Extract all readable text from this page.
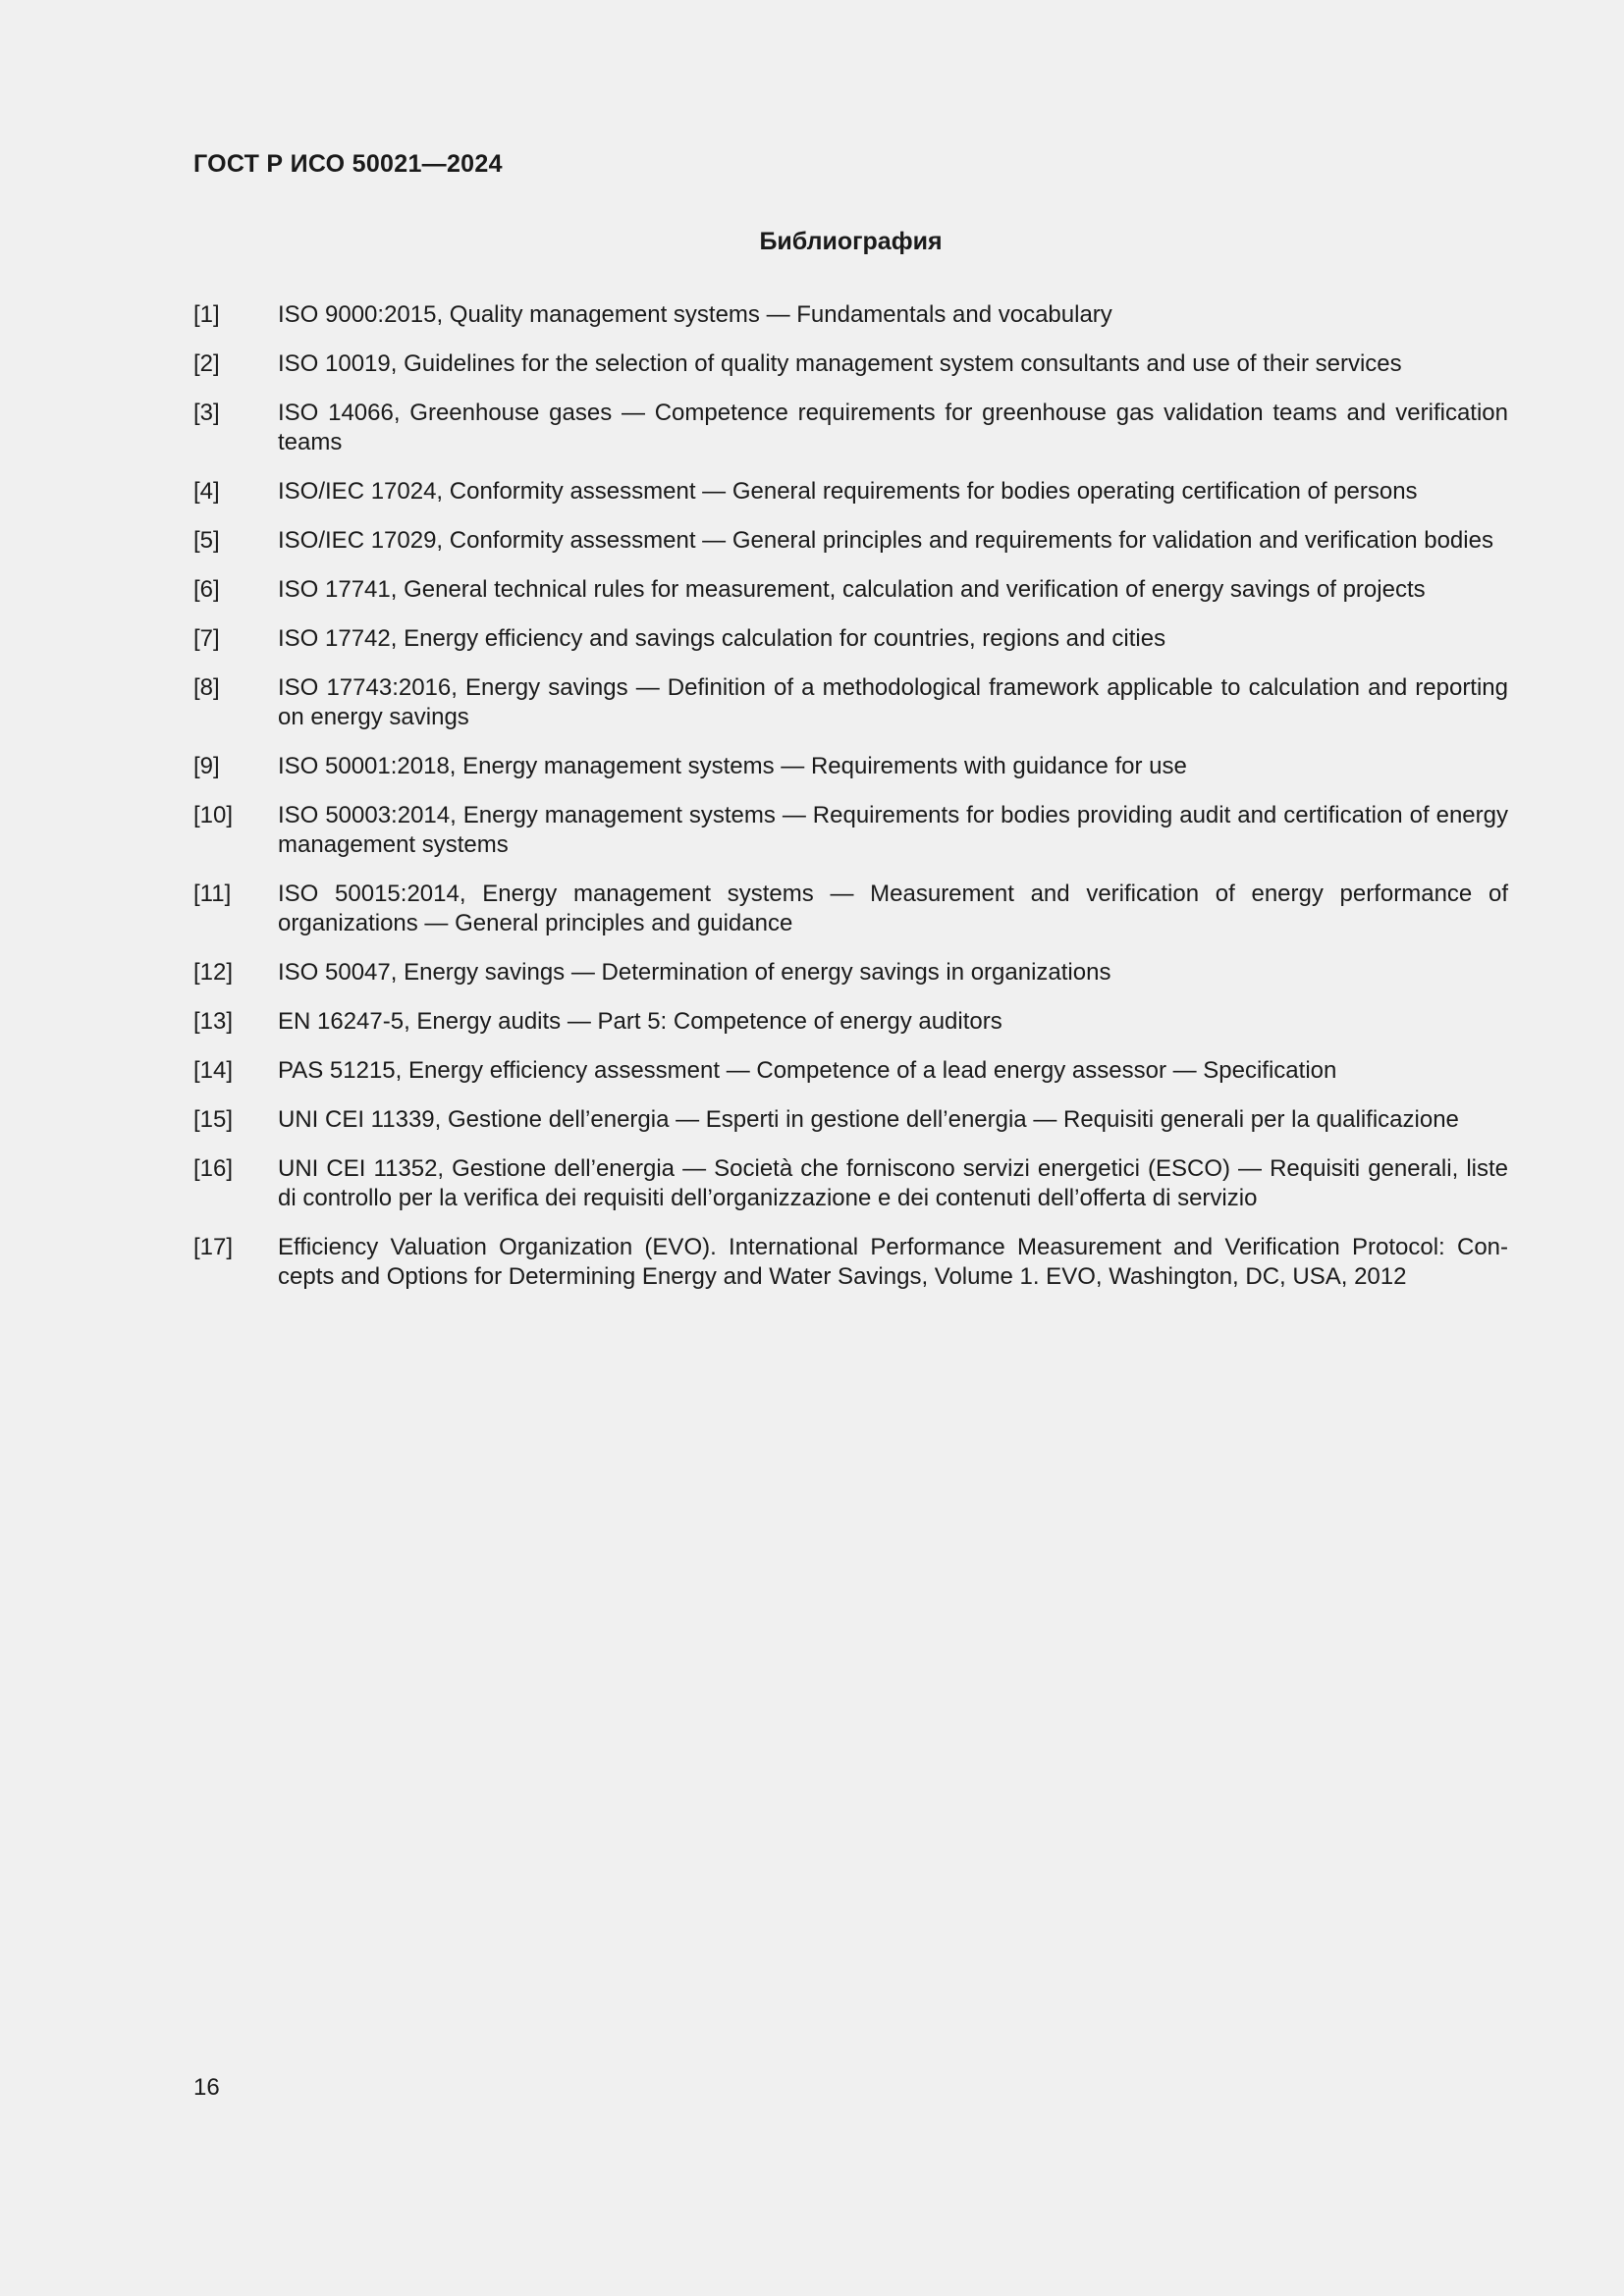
ГОСТ Р ИСО 50021—2024
Библиография
[1]	ISO 9000:2015, Quality management systems — Fundamentals and vocabulary
[2]	ISO 10019, Guidelines for the selection of quality management system consultants and use of their services
[3]	ISO 14066, Greenhouse gases — Competence requirements for greenhouse gas validation teams and verification teams
[4]	ISO/IEC 17024, Conformity assessment — General requirements for bodies operating certification of persons
[5]	ISO/IEC 17029, Conformity assessment — General principles and requirements for validation and verification bodies
[6]	ISO 17741, General technical rules for measurement, calculation and verification of energy savings of projects
[7]	ISO 17742, Energy efficiency and savings calculation for countries, regions and cities
[8]	ISO 17743:2016, Energy savings — Definition of a methodological framework applicable to calculation and reporting on energy savings
[9]	ISO 50001:2018, Energy management systems — Requirements with guidance for use
[10]	ISO 50003:2014, Energy management systems — Requirements for bodies providing audit and certification of energy management systems
[11]	ISO 50015:2014, Energy management systems — Measurement and verification of energy performance of organizations — General principles and guidance
[12]	ISO 50047, Energy savings — Determination of energy savings in organizations
[13]	EN 16247-5, Energy audits — Part 5: Competence of energy auditors
[14]	PAS 51215, Energy efficiency assessment — Competence of a lead energy assessor — Specification
[15]	UNI CEI 11339, Gestione dell’energia — Esperti in gestione dell’energia — Requisiti generali per la qualificazione
[16]	UNI CEI 11352, Gestione dell’energia — Società che forniscono servizi energetici (ESCO) — Requisiti generali, liste di controllo per la verifica dei requisiti dell’organizzazione e dei contenuti dell’offerta di servizio
[17]	Efficiency Valuation Organization (EVO). International Performance Measurement and Verification Protocol: Con-cepts and Options for Determining Energy and Water Savings, Volume 1. EVO, Washington, DC, USA, 2012
16
